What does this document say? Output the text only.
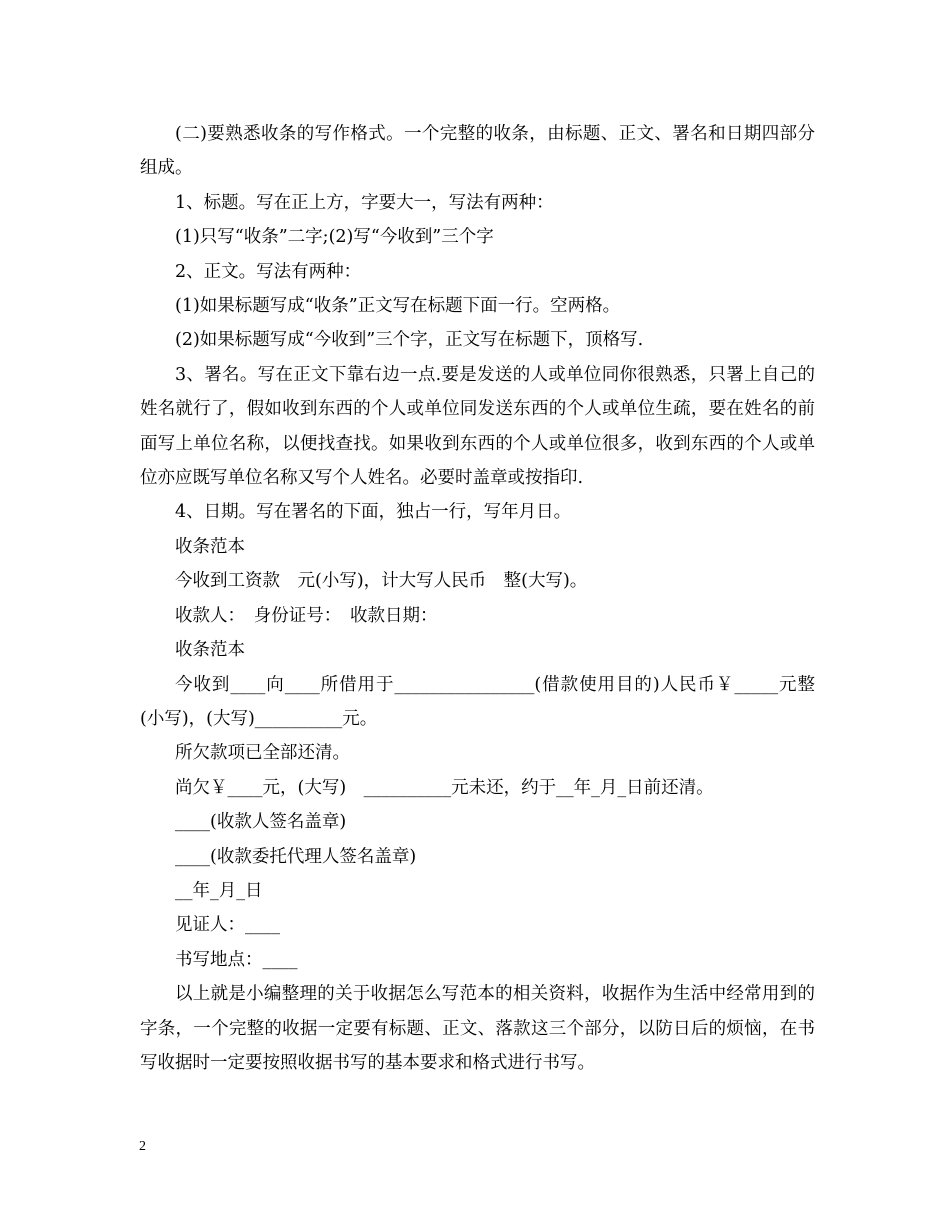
(二)要熟悉收条的写作格式。一个完整的收条，由标题、正文、署名和日期四部分组成。

1、标题。写在正上方，字要大一，写法有两种：

(1)只写“收条”二字;(2)写“今收到”三个字

2、正文。写法有两种：

(1)如果标题写成“收条”正文写在标题下面一行。空两格。

(2)如果标题写成“今收到”三个字，正文写在标题下，顶格写.

3、署名。写在正文下靠右边一点.要是发送的人或单位同你很熟悉，只署上自己的姓名就行了，假如收到东西的个人或单位同发送东西的个人或单位生疏，要在姓名的前面写上单位名称，以便找查找。如果收到东西的个人或单位很多，收到东西的个人或单位亦应既写单位名称又写个人姓名。必要时盖章或按指印.

4、日期。写在署名的下面，独占一行，写年月日。

收条范本

今收到工资款　元(小写)，计大写人民币　整(大写)。

收款人：　身份证号：　收款日期：

收条范本

今收到____向____所借用于________________(借款使用目的)人民币￥_____元整(小写)，(大写)__________元。

所欠款项已全部还清。

尚欠￥____元，(大写)　__________元未还，约于__年_月_日前还清。

____(收款人签名盖章)

____(收款委托代理人签名盖章)

__年_月_日

见证人：____

书写地点：____

以上就是小编整理的关于收据怎么写范本的相关资料，收据作为生活中经常用到的字条，一个完整的收据一定要有标题、正文、落款这三个部分，以防日后的烦恼，在书写收据时一定要按照收据书写的基本要求和格式进行书写。

2
